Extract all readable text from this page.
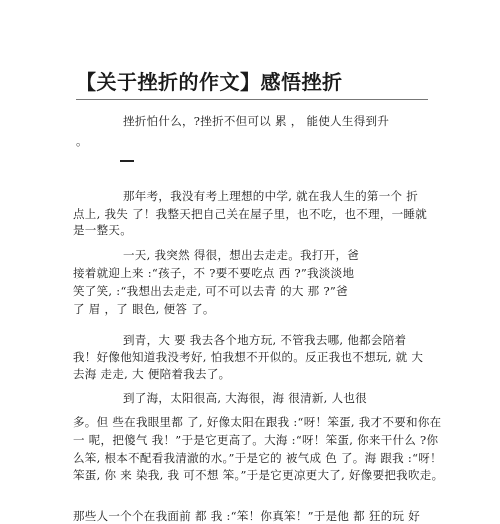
【关于挫折的作文】感悟挫折
挫折怕什么，?挫折不但可以 累 ， 能使人生得到升
。
那年考，我没有考上理想的中学, 就在我人生的第一个 折
点上, 我失 了！我整天把自己关在屋子里，也不吃，也不理，一睡就
是一整天。
一天, 我突然 得很，想出去走走。我打开，爸
接着就迎上来 :“孩子，不 ?要不要吃点 西 ?”我淡淡地
笑了笑, :“我想出去走走, 可不可以去青 的大 那 ?”爸
了 眉 ，了 眼色, 便答 了。
到青，大 要 我去各个地方玩, 不管我去哪, 他都会陪着
我！好像他知道我没考好, 怕我想不开似的。反正我也不想玩, 就 大
去海 走走, 大 便陪着我去了。
到了海，太阳很高, 大海很，海 很清新, 人也很
多。但 些在我眼里都 了, 好像太阳在跟我 :“呀！笨蛋, 我才不要和你在
一 呢，把傻气 我！”于是它更高了。大海 :“呀！笨蛋, 你来干什么 ?你
么笨, 根本不配看我清澈的水。”于是它的 被气成 色 了。海 跟我 :“呀！
笨蛋, 你 来 染我, 我 可不想 笨。”于是它更凉更大了, 好像要把我吹走。
那些人一个个在我面前 都 我 :“笨！你真笨！”于是他 都 狂的玩 好
